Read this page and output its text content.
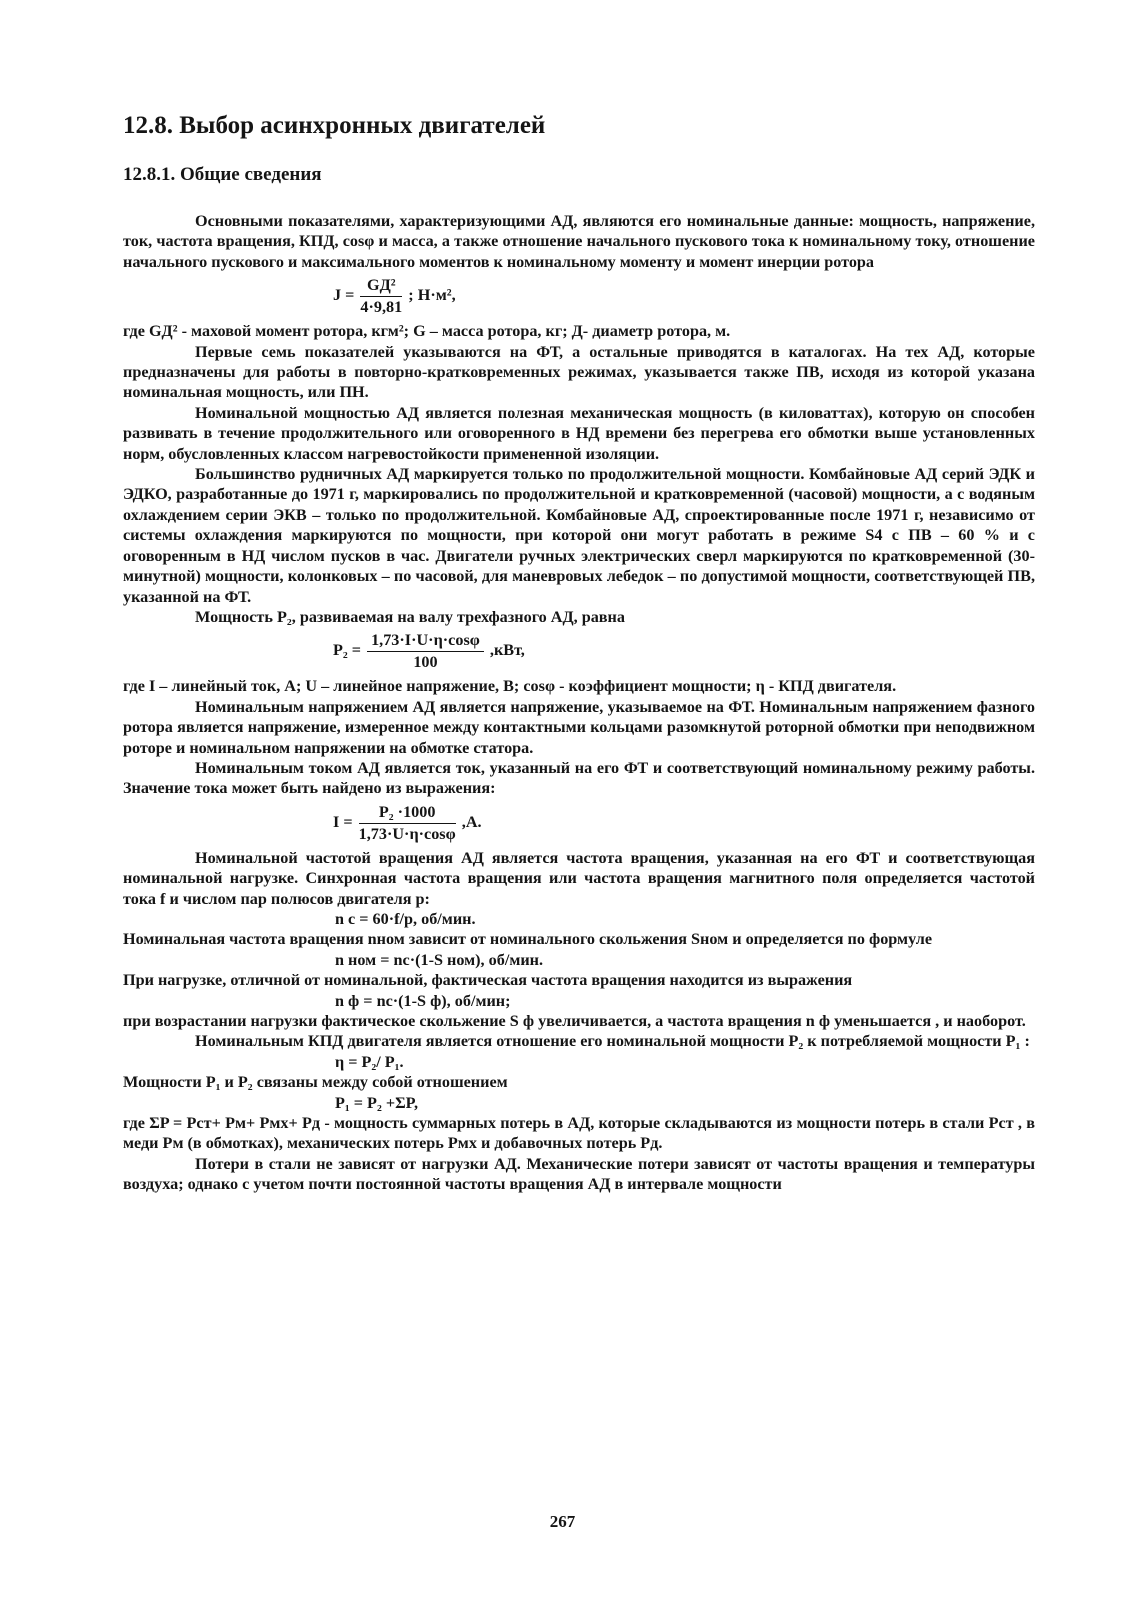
12.8. Выбор асинхронных двигателей
12.8.1. Общие сведения

Основными показателями, характеризующими АД, являются его номинальные данные: мощность, напряжение, ток, частота вращения, КПД, cosφ и масса, а также отношение начального пускового тока к номинальному току, отношение начального пускового и максимального моментов к номинальному моменту и момент инерции ротора

$J = \frac{\text{GД²}}{4\cdot 9,81}$ ; Н·м²,

где GД² - маховой момент ротора, кгм²; G – масса ротора, кг; Д- диаметр ротора, м.

Первые семь показателей указываются на ФТ, а остальные приводятся в каталогах. На тех АД, которые предназначены для работы в повторно-кратковременных режимах, указывается также ПВ, исходя из которой указана номинальная мощность, или ПН.

Номинальной мощностью АД является полезная механическая мощность (в киловаттах), которую он способен развивать в течение продолжительного или оговоренного в НД времени без перегрева его обмотки выше установленных норм, обусловленных классом нагревостойкости примененной изоляции.

Большинство рудничных АД маркируется только по продолжительной мощности. Комбайновые АД серий ЭДК и ЭДКО, разработанные до 1971 г, маркировались по продолжительной и кратковременной (часовой) мощности, а с водяным охлаждением серии ЭКВ – только по продолжительной. Комбайновые АД, спроектированные после 1971 г, независимо от системы охлаждения маркируются по мощности, при которой они могут работать в режиме S4 с ПВ – 60 % и с оговоренным в НД числом пусков в час. Двигатели ручных электрических сверл маркируются по кратковременной (30-минутной) мощности, колонковых – по часовой, для маневровых лебедок – по допустимой мощности, соответствующей ПВ, указанной на ФТ.

Мощность P₂, развиваемая на валу трехфазного АД, равна

$P_2 = \frac{1,73\cdot I\cdot U\cdot\eta\cdot\cos\varphi}{100} ,кВт$,

где I – линейный ток, А; U – линейное напряжение, В; cosφ - коэффициент мощности; η - КПД двигателя.

Номинальным напряжением АД является напряжение, указываемое на ФТ. Номинальным напряжением фазного ротора является напряжение, измеренное между контактными кольцами разомкнутой роторной обмотки при неподвижном роторе и номинальном напряжении на обмотке статора.

Номинальным током АД является ток, указанный на его ФТ и соответствующий номинальному режиму работы. Значение тока может быть найдено из выражения:

$I = \frac{\text{P₂ ·1000}}{1,73\cdot U\cdot\eta\cdot\cos\varphi} ,А$.

Номинальной частотой вращения АД является частота вращения, указанная на его ФТ и соответствующая номинальной нагрузке. Синхронная частота вращения или частота вращения магнитного поля определяется частотой тока f и числом пар полюсов двигателя p:

n c = 60·f/p, об/мин.

Номинальная частота вращения nном зависит от номинального скольжения Sном и определяется по формуле

n ном = nc·(1-S ном), об/мин.

При нагрузке, отличной от номинальной, фактическая частота вращения находится из выражения

n ф = nc·(1-S ф), об/мин;

при возрастании нагрузки фактическое скольжение S ф увеличивается, а частота вращения n ф уменьшается , и наоборот.

Номинальным КПД двигателя является отношение его номинальной мощности P₂ к потребляемой мощности P₁ :

η = P₂/ P₁.

Мощности P₁ и P₂ связаны между собой отношением

P₁ = P₂ +ΣP,

где ΣP = Pст+ Pм+ Pмх+ Pд - мощность суммарных потерь в АД, которые складываются из мощности потерь в стали Pст , в меди Pм (в обмотках), механических потерь Pмх и добавочных потерь Pд.

Потери в стали не зависят от нагрузки АД. Механические потери зависят от частоты вращения и температуры воздуха; однако с учетом почти постоянной частоты вращения АД в интервале мощности

267
